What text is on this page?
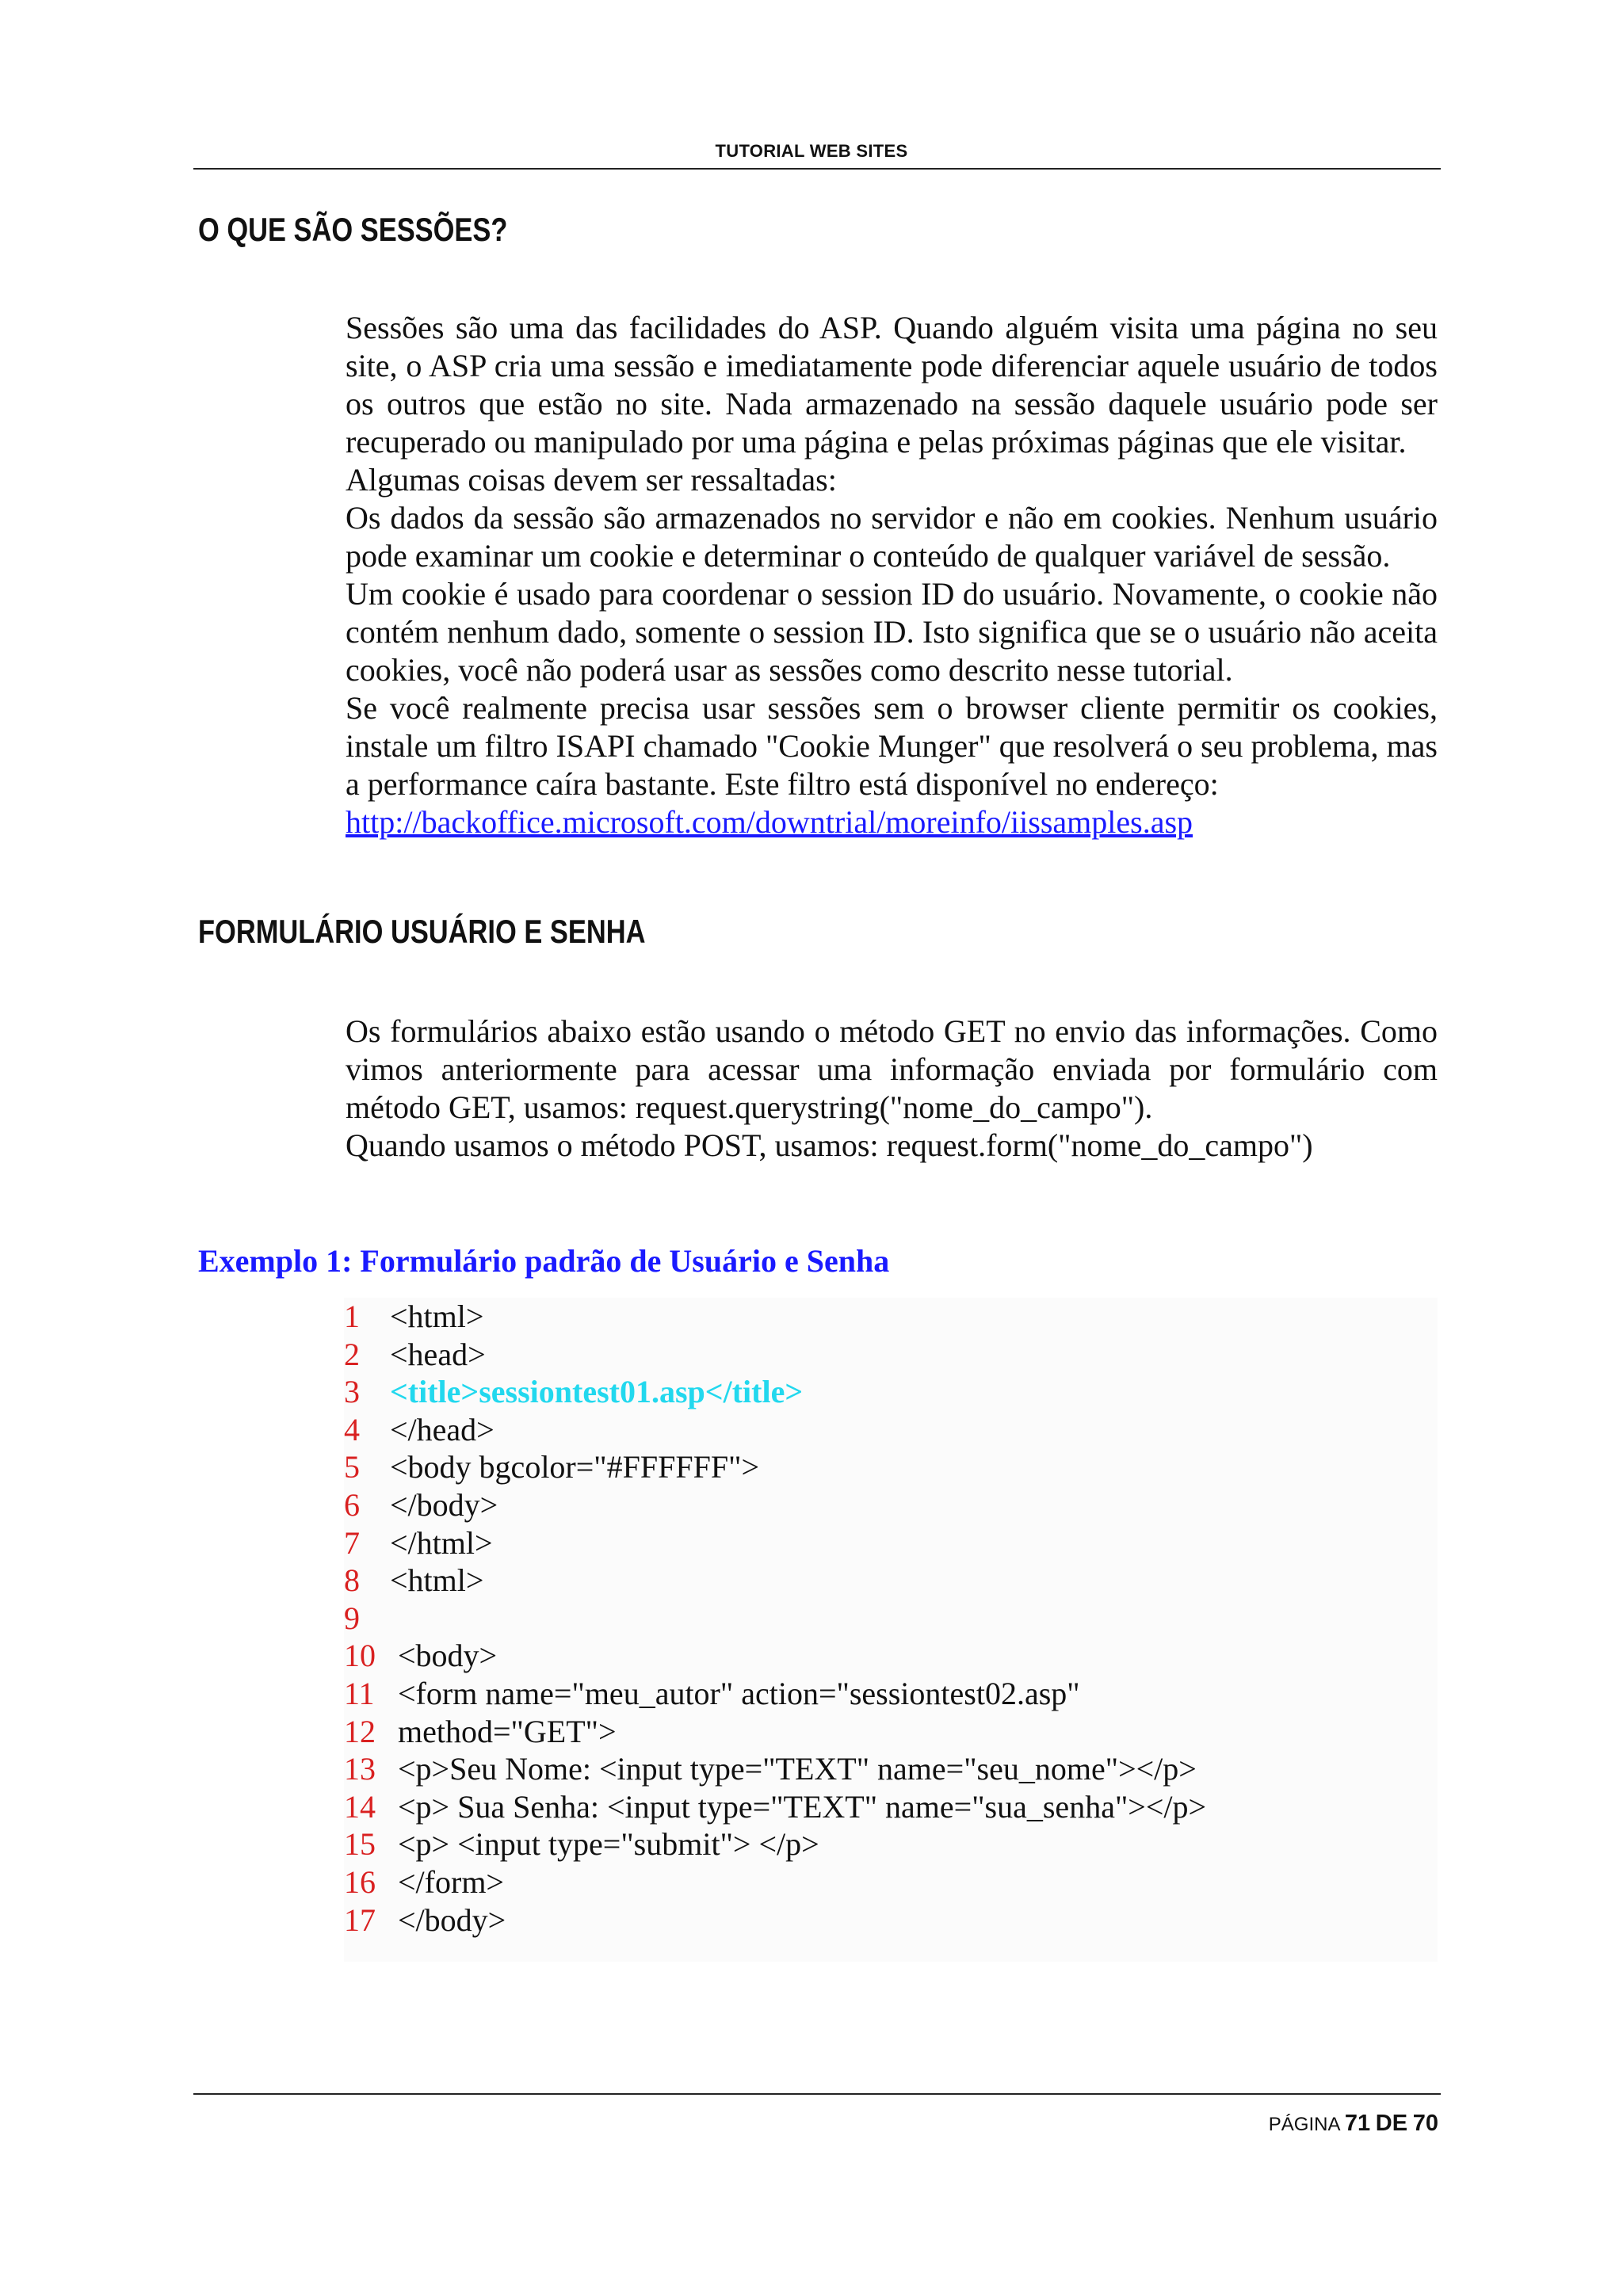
TUTORIAL WEB SITES
O QUE SÃO SESSÕES?

Sessões são uma das facilidades do ASP. Quando alguém visita uma página no seu site, o ASP cria uma sessão e imediatamente pode diferenciar aquele usuário de todos os outros que estão no site. Nada armazenado na sessão daquele usuário pode ser recuperado ou manipulado por uma página e pelas próximas páginas que ele visitar.

Algumas coisas devem ser ressaltadas:

Os dados da sessão são armazenados no servidor e não em cookies. Nenhum usuário pode examinar um cookie e determinar o conteúdo de qualquer variável de sessão.

Um cookie é usado para coordenar o session ID do usuário. Novamente, o cookie não contém nenhum dado, somente o session ID. Isto significa que se o usuário não aceita cookies, você não poderá usar as sessões como descrito nesse tutorial.

Se você realmente precisa usar sessões sem o browser cliente permitir os cookies, instale um filtro ISAPI chamado "Cookie Munger" que resolverá o seu problema, mas a performance caíra bastante. Este filtro está disponível no endereço:

http://backoffice.microsoft.com/downtrial/moreinfo/iissamples.asp

FORMULÁRIO USUÁRIO E SENHA

Os formulários abaixo estão usando o método GET no envio das informações. Como vimos anteriormente para acessar uma informação enviada por formulário com método GET, usamos: request.querystring("nome_do_campo").

Quando usamos o método POST, usamos: request.form("nome_do_campo")

Exemplo 1: Formulário padrão de Usuário e Senha
1 <html>
2 <head>
3 <title>sessiontest01.asp</title>
4 </head>
5 <body bgcolor="#FFFFFF">
6 </body>
7 </html>
8 <html>
9
10 <body>
11 <form name="meu_autor" action="sessiontest02.asp"
12 method="GET">
13 <p>Seu Nome: <input type="TEXT" name="seu_nome"></p>
14 <p> Sua Senha: <input type="TEXT" name="sua_senha"></p>
15 <p> <input type="submit"> </p>
16 </form>
17 </body>
PÁGINA 71 DE 70
